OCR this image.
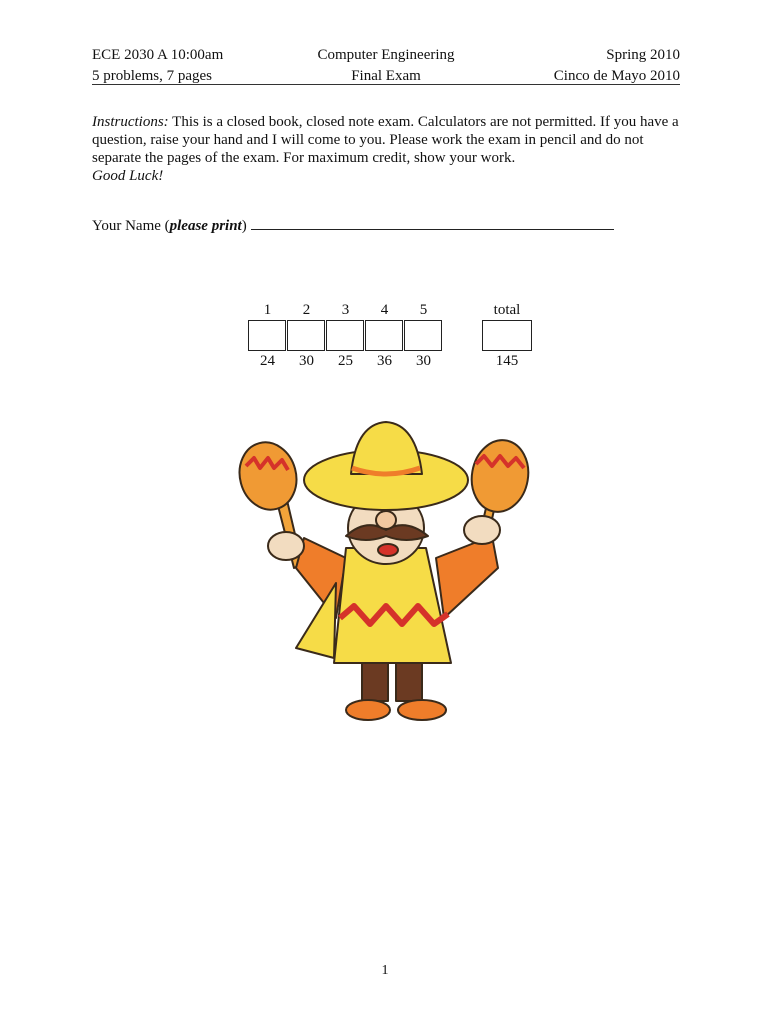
ECE 2030 A 10:00am	Computer Engineering	Spring 2010
5 problems, 7 pages	Final Exam	Cinco de Mayo 2010
Instructions: This is a closed book, closed note exam. Calculators are not permitted. If you have a question, raise your hand and I will come to you. Please work the exam in pencil and do not separate the pages of the exam. For maximum credit, show your work.
Good Luck!
Your Name (please print)
1	2	3	4	5	total
24	30	25	36	30	145
1
